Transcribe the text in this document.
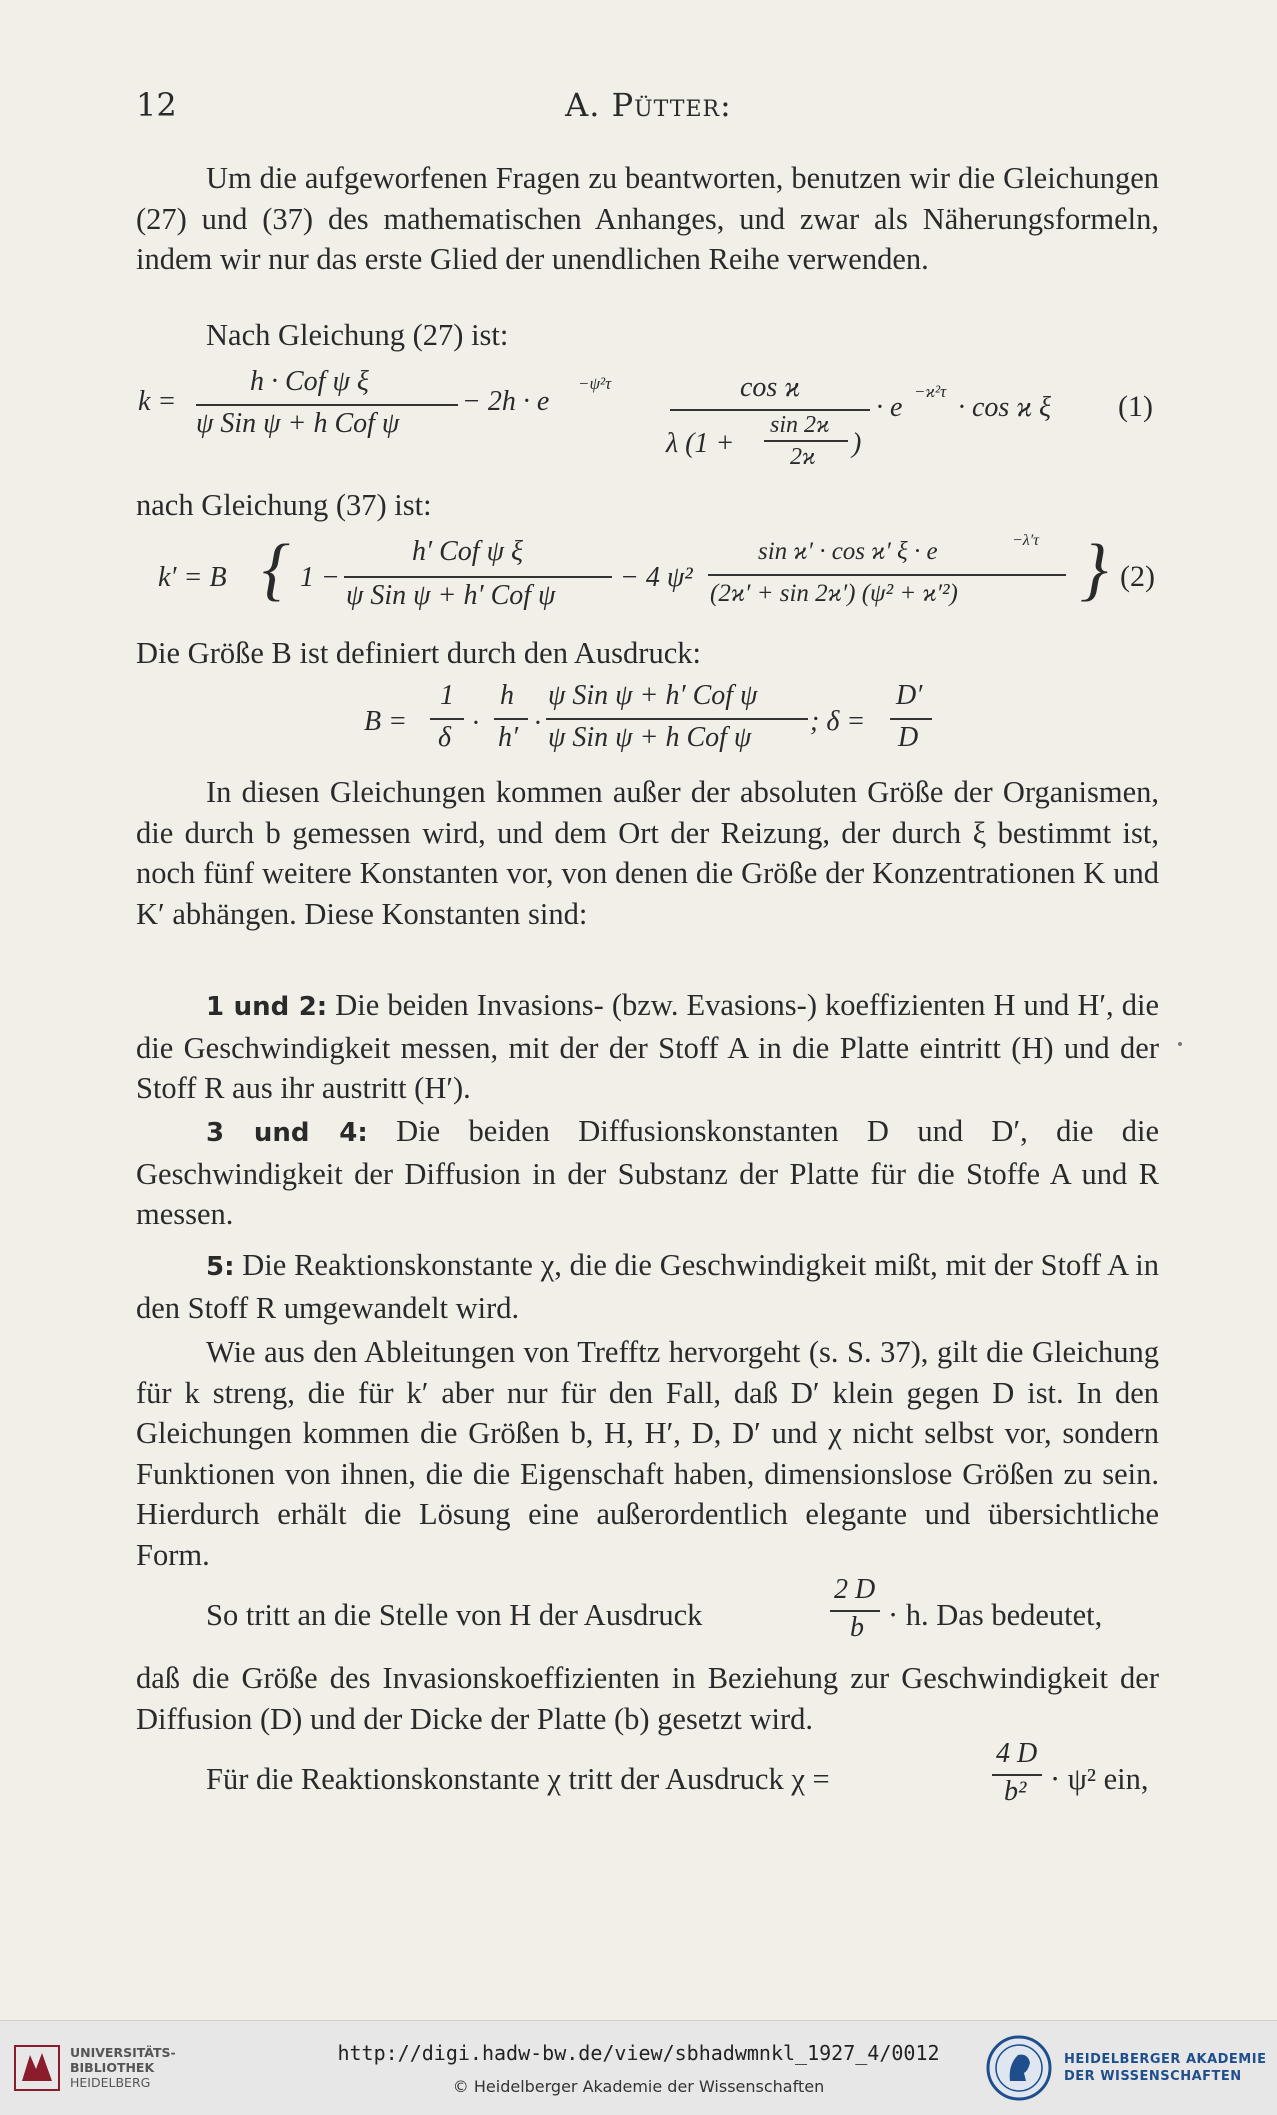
12	A. Pütter:
Um die aufgeworfenen Fragen zu beantworten, benutzen wir die Gleichungen (27) und (37) des mathematischen Anhanges, und zwar als Näherungsformeln, indem wir nur das erste Glied der unendlichen Reihe verwenden.
Nach Gleichung (27) ist:
k =
h · Cof ψ ξ
ψ Sin ψ + h Cof ψ
− 2h · e
−ψ²τ	cos ϰ
λ (1 +
sin 2ϰ
2ϰ )
· e
−ϰ²τ
· cos ϰ ξ (1)
nach Gleichung (37) ist:
k′ = B { 1 −
h′ Cof ψ ξ
ψ Sin ψ + h′ Cof ψ
− 4 ψ²
sin ϰ′ · cos ϰ′ ξ · e	−λ′τ
(2ϰ′ + sin 2ϰ′) (ψ² + ϰ′²) } (2)
Die Größe B ist definiert durch den Ausdruck:
B =
1
δ ·
h
h′ ·
ψ Sin ψ + h′ Cof ψ
ψ Sin ψ + h Cof ψ
; δ =
D′
D
In diesen Gleichungen kommen außer der absoluten Größe der Organismen, die durch b gemessen wird, und dem Ort der Reizung, der durch ξ bestimmt ist, noch fünf weitere Konstanten vor, von denen die Größe der Konzentrationen K und K′ abhängen. Diese Konstanten sind:
1 und 2: Die beiden Invasions- (bzw. Evasions-) koeffizienten H und H′, die die Geschwindigkeit messen, mit der der Stoff A in die Platte eintritt (H) und der Stoff R aus ihr austritt (H′).
3 und 4: Die beiden Diffusionskonstanten D und D′, die die Geschwindigkeit der Diffusion in der Substanz der Platte für die Stoffe A und R messen.
5: Die Reaktionskonstante χ, die die Geschwindigkeit mißt, mit der Stoff A in den Stoff R umgewandelt wird.
Wie aus den Ableitungen von Trefftz hervorgeht (s. S. 37), gilt die Gleichung für k streng, die für k′ aber nur für den Fall, daß D′ klein gegen D ist. In den Gleichungen kommen die Größen b, H, H′, D, D′ und χ nicht selbst vor, sondern Funktionen von ihnen, die die Eigenschaft haben, dimensionslose Größen zu sein. Hierdurch erhält die Lösung eine außerordentlich elegante und übersichtliche Form.
So tritt an die Stelle von H der Ausdruck
2 D
b · h. Das bedeutet,
daß die Größe des Invasionskoeffizienten in Beziehung zur Geschwindigkeit der Diffusion (D) und der Dicke der Platte (b) gesetzt wird.
Für die Reaktionskonstante χ tritt der Ausdruck χ =
4 D
b² · ψ² ein,
UNIVERSITÄTS-
BIBLIOTHEK
HEIDELBERG
http://digi.hadw-bw.de/view/sbhadwmnkl_1927_4/0012
© Heidelberger Akademie der Wissenschaften
HEIDELBERGER AKADEMIE
DER WISSENSCHAFTEN
